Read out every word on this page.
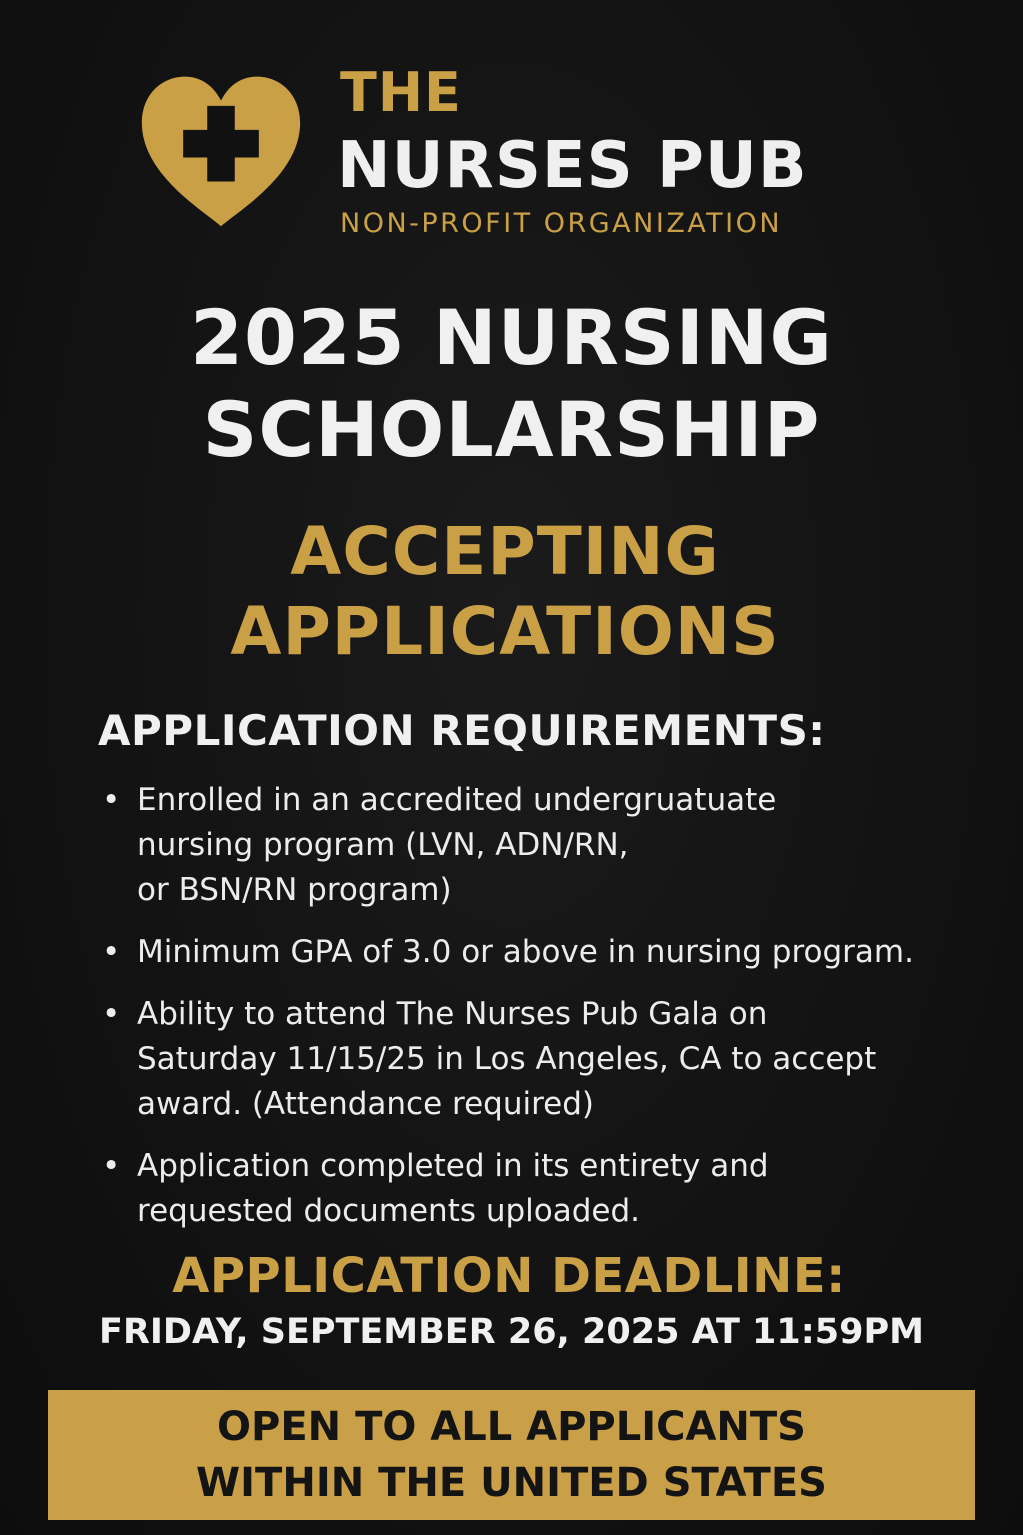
THE
NURSES PUB
NON-PROFIT ORGANIZATION
2025 NURSING
SCHOLARSHIP
ACCEPTING
APPLICATIONS
APPLICATION REQUIREMENTS:
• Enrolled in an accredited undergruatuate
nursing program (LVN, ADN/RN,
or BSN/RN program)
• Minimum GPA of 3.0 or above in nursing program.
• Ability to attend The Nurses Pub Gala on
Saturday 11/15/25 in Los Angeles, CA to accept
award. (Attendance required)
• Application completed in its entirety and
requested documents uploaded.
APPLICATION DEADLINE:
FRIDAY, SEPTEMBER 26, 2025 AT 11:59PM
OPEN TO ALL APPLICANTS
WITHIN THE UNITED STATES
